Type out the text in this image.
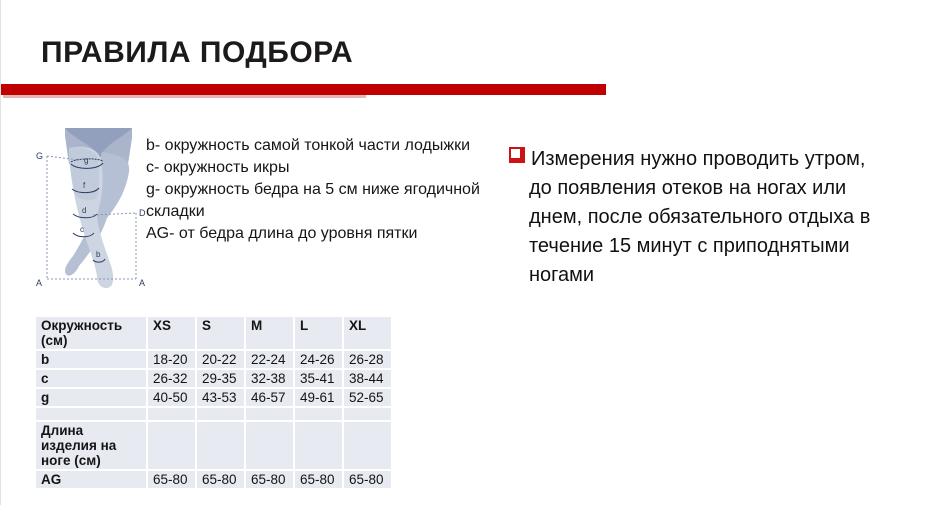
ПРАВИЛА ПОДБОРА
G
D
A	A
g
f
d
c
b

b- окружность самой тонкой части лодыжки

c- окружность икры

g- окружность бедра на 5 см ниже ягодичной складки

AG- от бедра длина до уровня пятки

Измерения нужно проводить утром, до появления отеков на ногах или днем, после обязательного отдыха в течение 15 минут с приподнятыми ногами
Окружность (см)	XS	S	M	L	XL
b	18-20	20-22	22-24	24-26	26-28
c	26-32	29-35	32-38	35-41	38-44
g	40-50	43-53	46-57	49-61	52-65

Длина изделия на ноге (см)					
AG	65-80	65-80	65-80	65-80	65-80
